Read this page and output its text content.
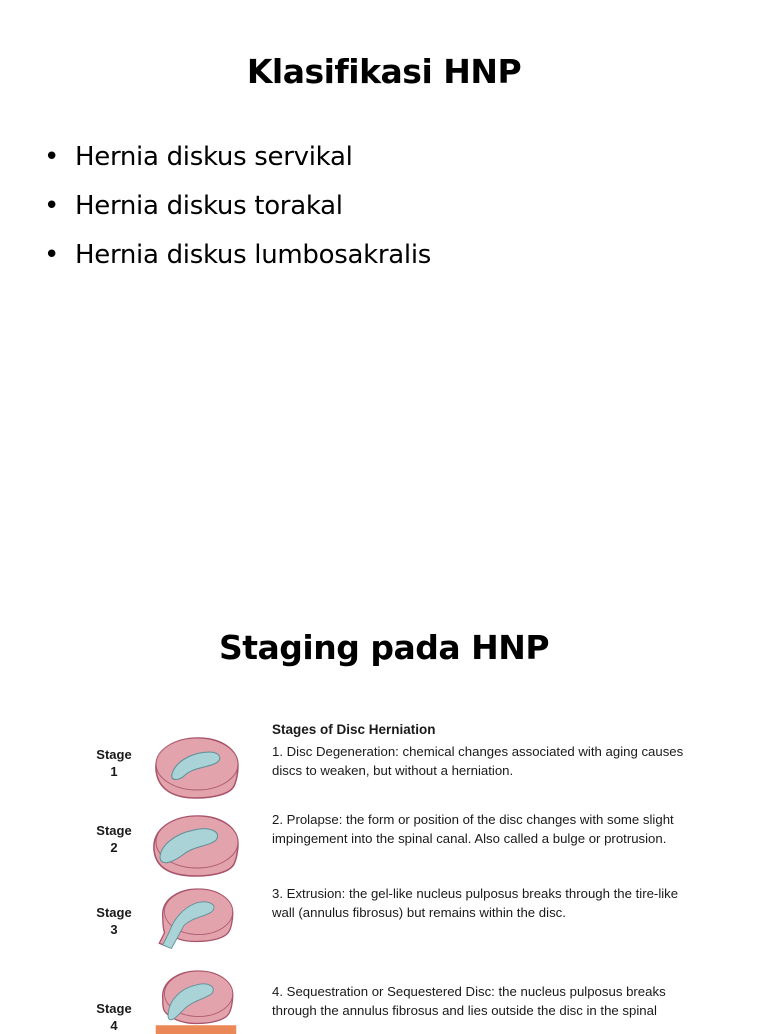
Klasifikasi HNP
• Hernia diskus servikal
• Hernia diskus torakal
• Hernia diskus lumbosakralis
Staging pada HNP
Stages of Disc Herniation
Stage
1
1. Disc Degeneration: chemical changes associated with aging causes
discs to weaken, but without a herniation.
Stage
2
2. Prolapse: the form or position of the disc changes with some slight
impingement into the spinal canal. Also called a bulge or protrusion.
Stage
3
3. Extrusion: the gel-like nucleus pulposus breaks through the tire-like
wall (annulus fibrosus) but remains within the disc.
Stage
4
4. Sequestration or Sequestered Disc: the nucleus pulposus breaks
through the annulus fibrosus and lies outside the disc in the spinal
